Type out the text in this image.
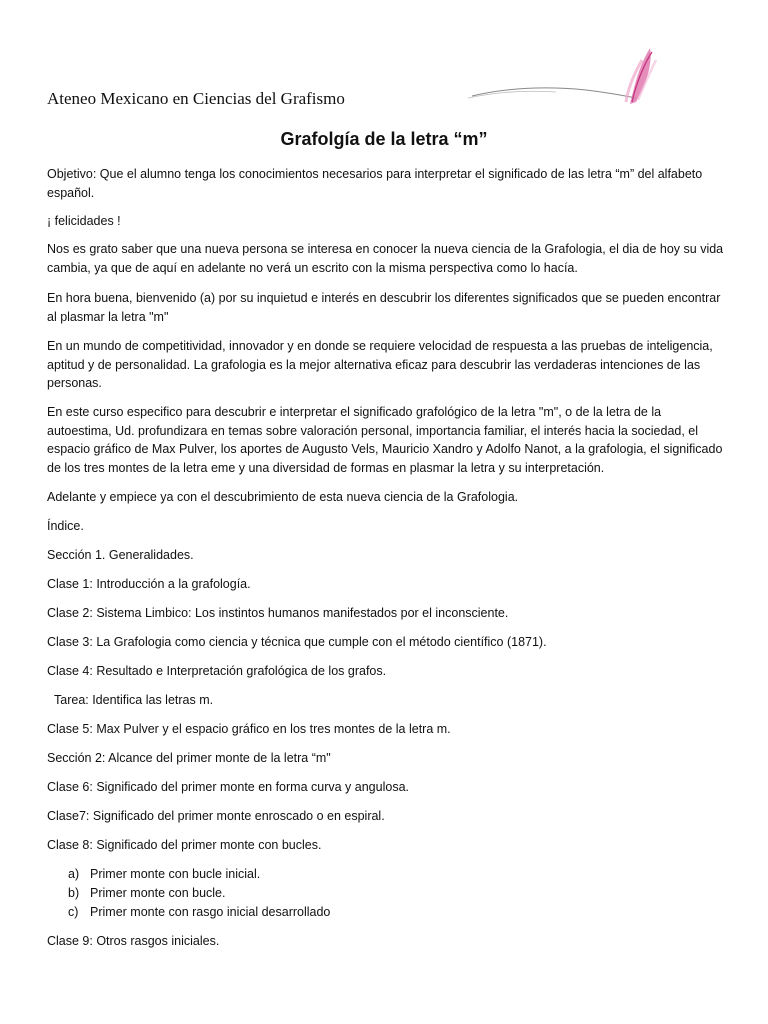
Ateneo Mexicano en Ciencias del Grafismo
Grafolgía de la letra “m”

Objetivo: Que el alumno tenga los conocimientos necesarios para interpretar el significado de las letra “m” del alfabeto español.

¡ felicidades !

Nos es grato saber que una nueva persona se interesa en conocer la nueva ciencia de la Grafologia, el dia de hoy su vida cambia, ya que de aquí en adelante no verá un escrito con la misma perspectiva como lo hacía.

En hora buena, bienvenido (a) por su inquietud e interés en descubrir los diferentes significados que se pueden encontrar al plasmar la letra "m"

En un mundo de competitividad, innovador y en donde se requiere velocidad de respuesta a las pruebas de inteligencia, aptitud y de personalidad. La grafologia es la mejor alternativa eficaz para descubrir las verdaderas intenciones de las personas.

En este curso especifico para descubrir e interpretar el significado grafológico de la letra "m", o de la letra de la autoestima, Ud. profundizara en temas sobre valoración personal, importancia familiar, el interés hacia la sociedad, el espacio gráfico de Max Pulver, los aportes de Augusto Vels, Mauricio Xandro y Adolfo Nanot, a la grafologia, el significado de los tres montes de la letra eme y una diversidad de formas en plasmar la letra y su interpretación.

Adelante y empiece ya con el descubrimiento de esta nueva ciencia de la Grafologia.

Índice.

Sección 1. Generalidades.

Clase 1: Introducción a la grafología.

Clase 2: Sistema Limbico: Los instintos humanos manifestados por el inconsciente.

Clase 3: La Grafologia como ciencia y técnica que cumple con el método científico (1871).

Clase 4: Resultado e Interpretación grafológica de los grafos.

Tarea: Identifica las letras m.

Clase 5: Max Pulver y el espacio gráfico en los tres montes de la letra m.

Sección 2: Alcance del primer monte de la letra “m"

Clase 6: Significado del primer monte en forma curva y angulosa.

Clase7: Significado del primer monte enroscado o en espiral.

Clase 8: Significado del primer monte con bucles.

a) Primer monte con bucle inicial.

b) Primer monte con bucle.

c) Primer monte con rasgo inicial desarrollado

Clase 9: Otros rasgos iniciales.
